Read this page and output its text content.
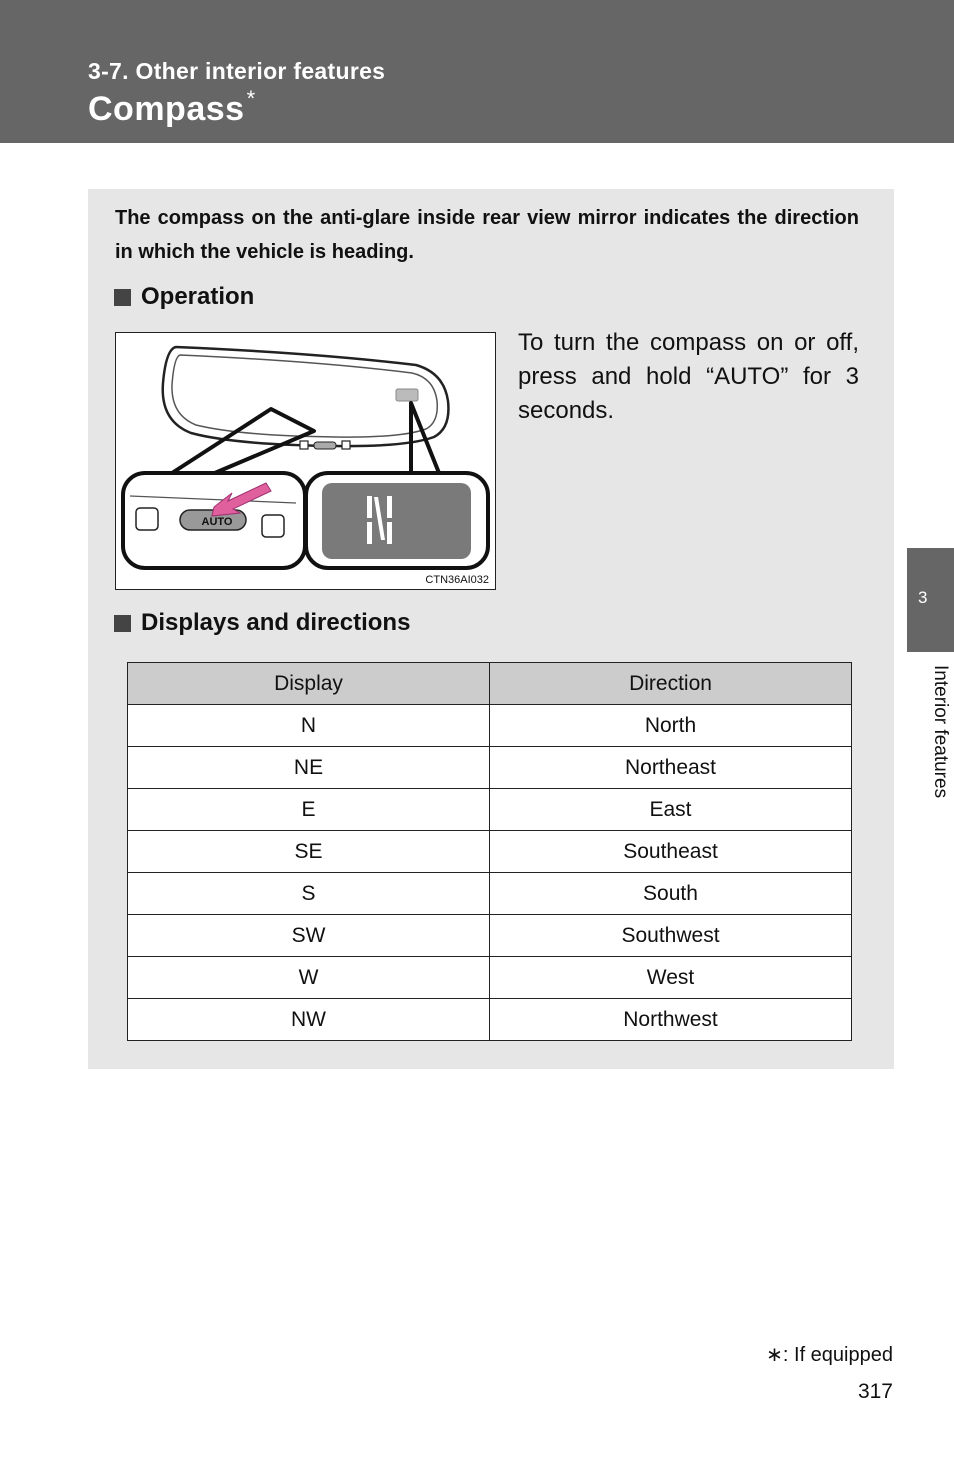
3-7. Other interior features
Compass*
The compass on the anti-glare inside rear view mirror indicates the direction in which the vehicle is heading.
Operation
AUTO
CTN36AI032
To turn the compass on or off, press and hold “AUTO” for 3 seconds.
Displays and directions
Display	Direction
N	North
NE	Northeast
E	East
SE	Southeast
S	South
SW	Southwest
W	West
NW	Northwest
3
Interior features
∗: If equipped
317
